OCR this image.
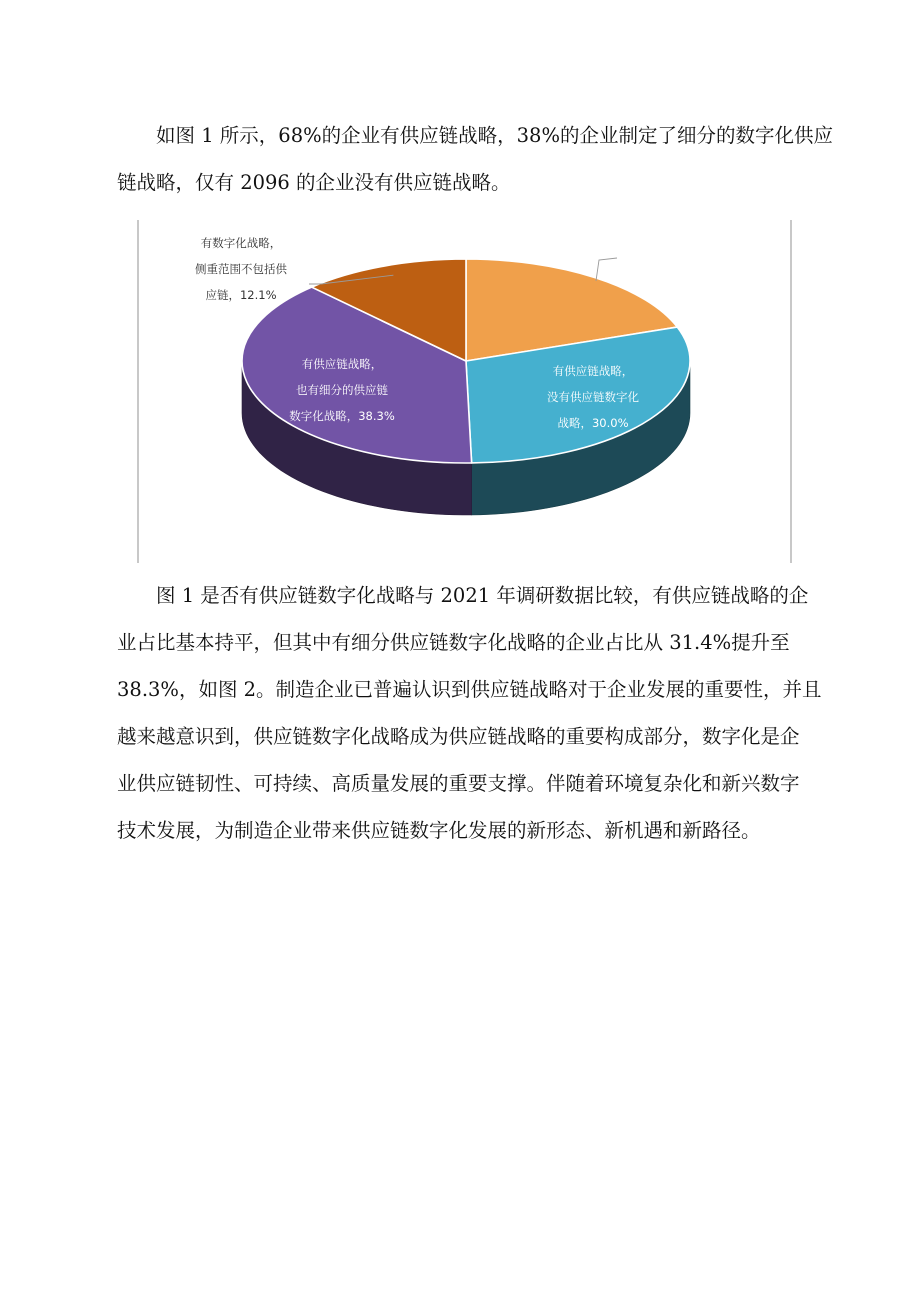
如图 1 所示，68%的企业有供应链战略，38%的企业制定了细分的数字化供应
链战略，仅有 2096 的企业没有供应链战略。

没有供应链战略， 19.6%
有供应链战略，没有供应链数字化战略，30.0%
有供应链战略，也有细分的供应链数字化战略，38.3%
有数字化战略，侧重范围不包括供应链，12.1%

图 1 是否有供应链数字化战略与 2021 年调研数据比较，有供应链战略的企
业占比基本持平，但其中有细分供应链数字化战略的企业占比从 31.4%提升至
38.3%，如图 2。制造企业已普遍认识到供应链战略对于企业发展的重要性，并且
越来越意识到，供应链数字化战略成为供应链战略的重要构成部分，数字化是企
业供应链韧性、可持续、高质量发展的重要支撑。伴随着环境复杂化和新兴数字
技术发展，为制造企业带来供应链数字化发展的新形态、新机遇和新路径。
